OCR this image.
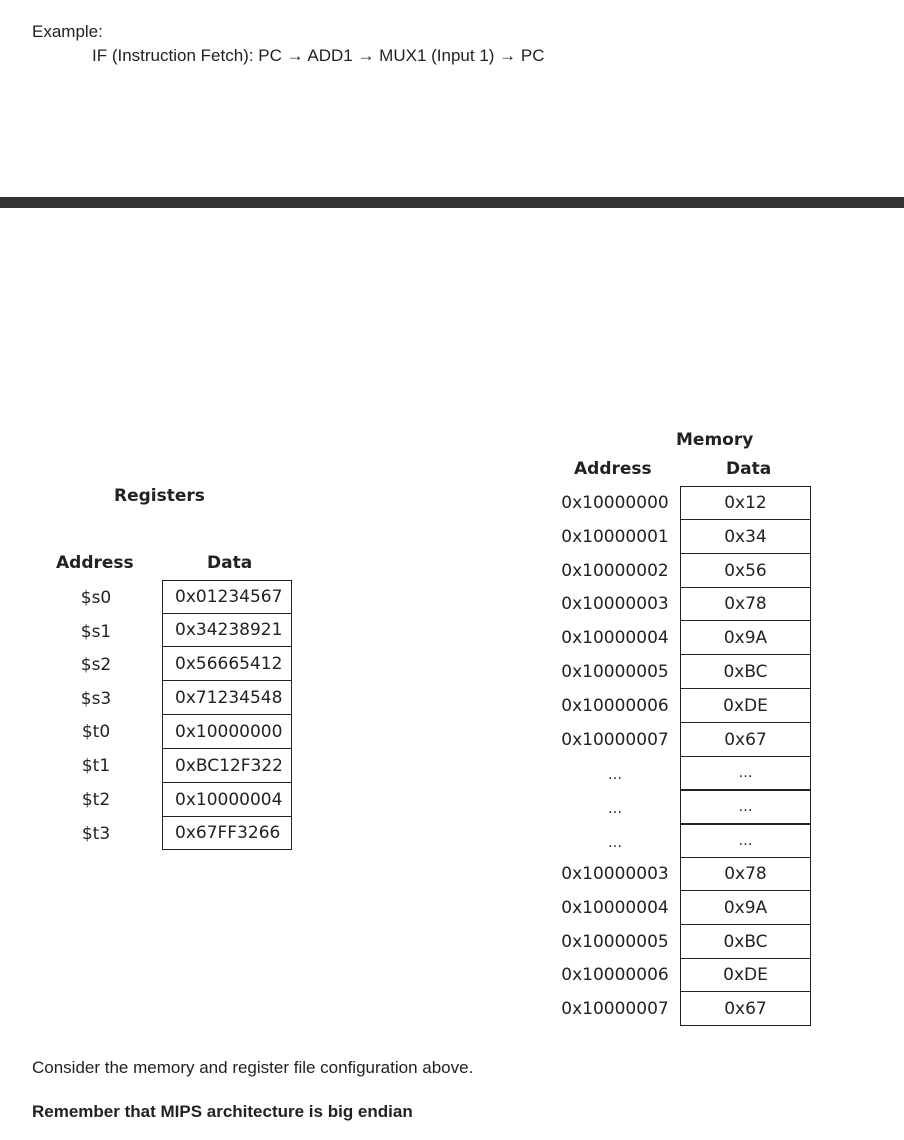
Example:
IF (Instruction Fetch): PC → ADD1 → MUX1 (Input 1) → PC
Registers
Address	Data
$s0	0x01234567
$s1	0x34238921
$s2	0x56665412
$s3	0x71234548
$t0	0x10000000
$t1	0xBC12F322
$t2	0x10000004
$t3	0x67FF3266
Memory
Address	Data
0x10000000	0x12
0x10000001	0x34
0x10000002	0x56
0x10000003	0x78
0x10000004	0x9A
0x10000005	0xBC
0x10000006	0xDE
0x10000007	0x67
…	…
…	…
…	…
0x10000003	0x78
0x10000004	0x9A
0x10000005	0xBC
0x10000006	0xDE
0x10000007	0x67
Consider the memory and register file configuration above.
Remember that MIPS architecture is big endian
